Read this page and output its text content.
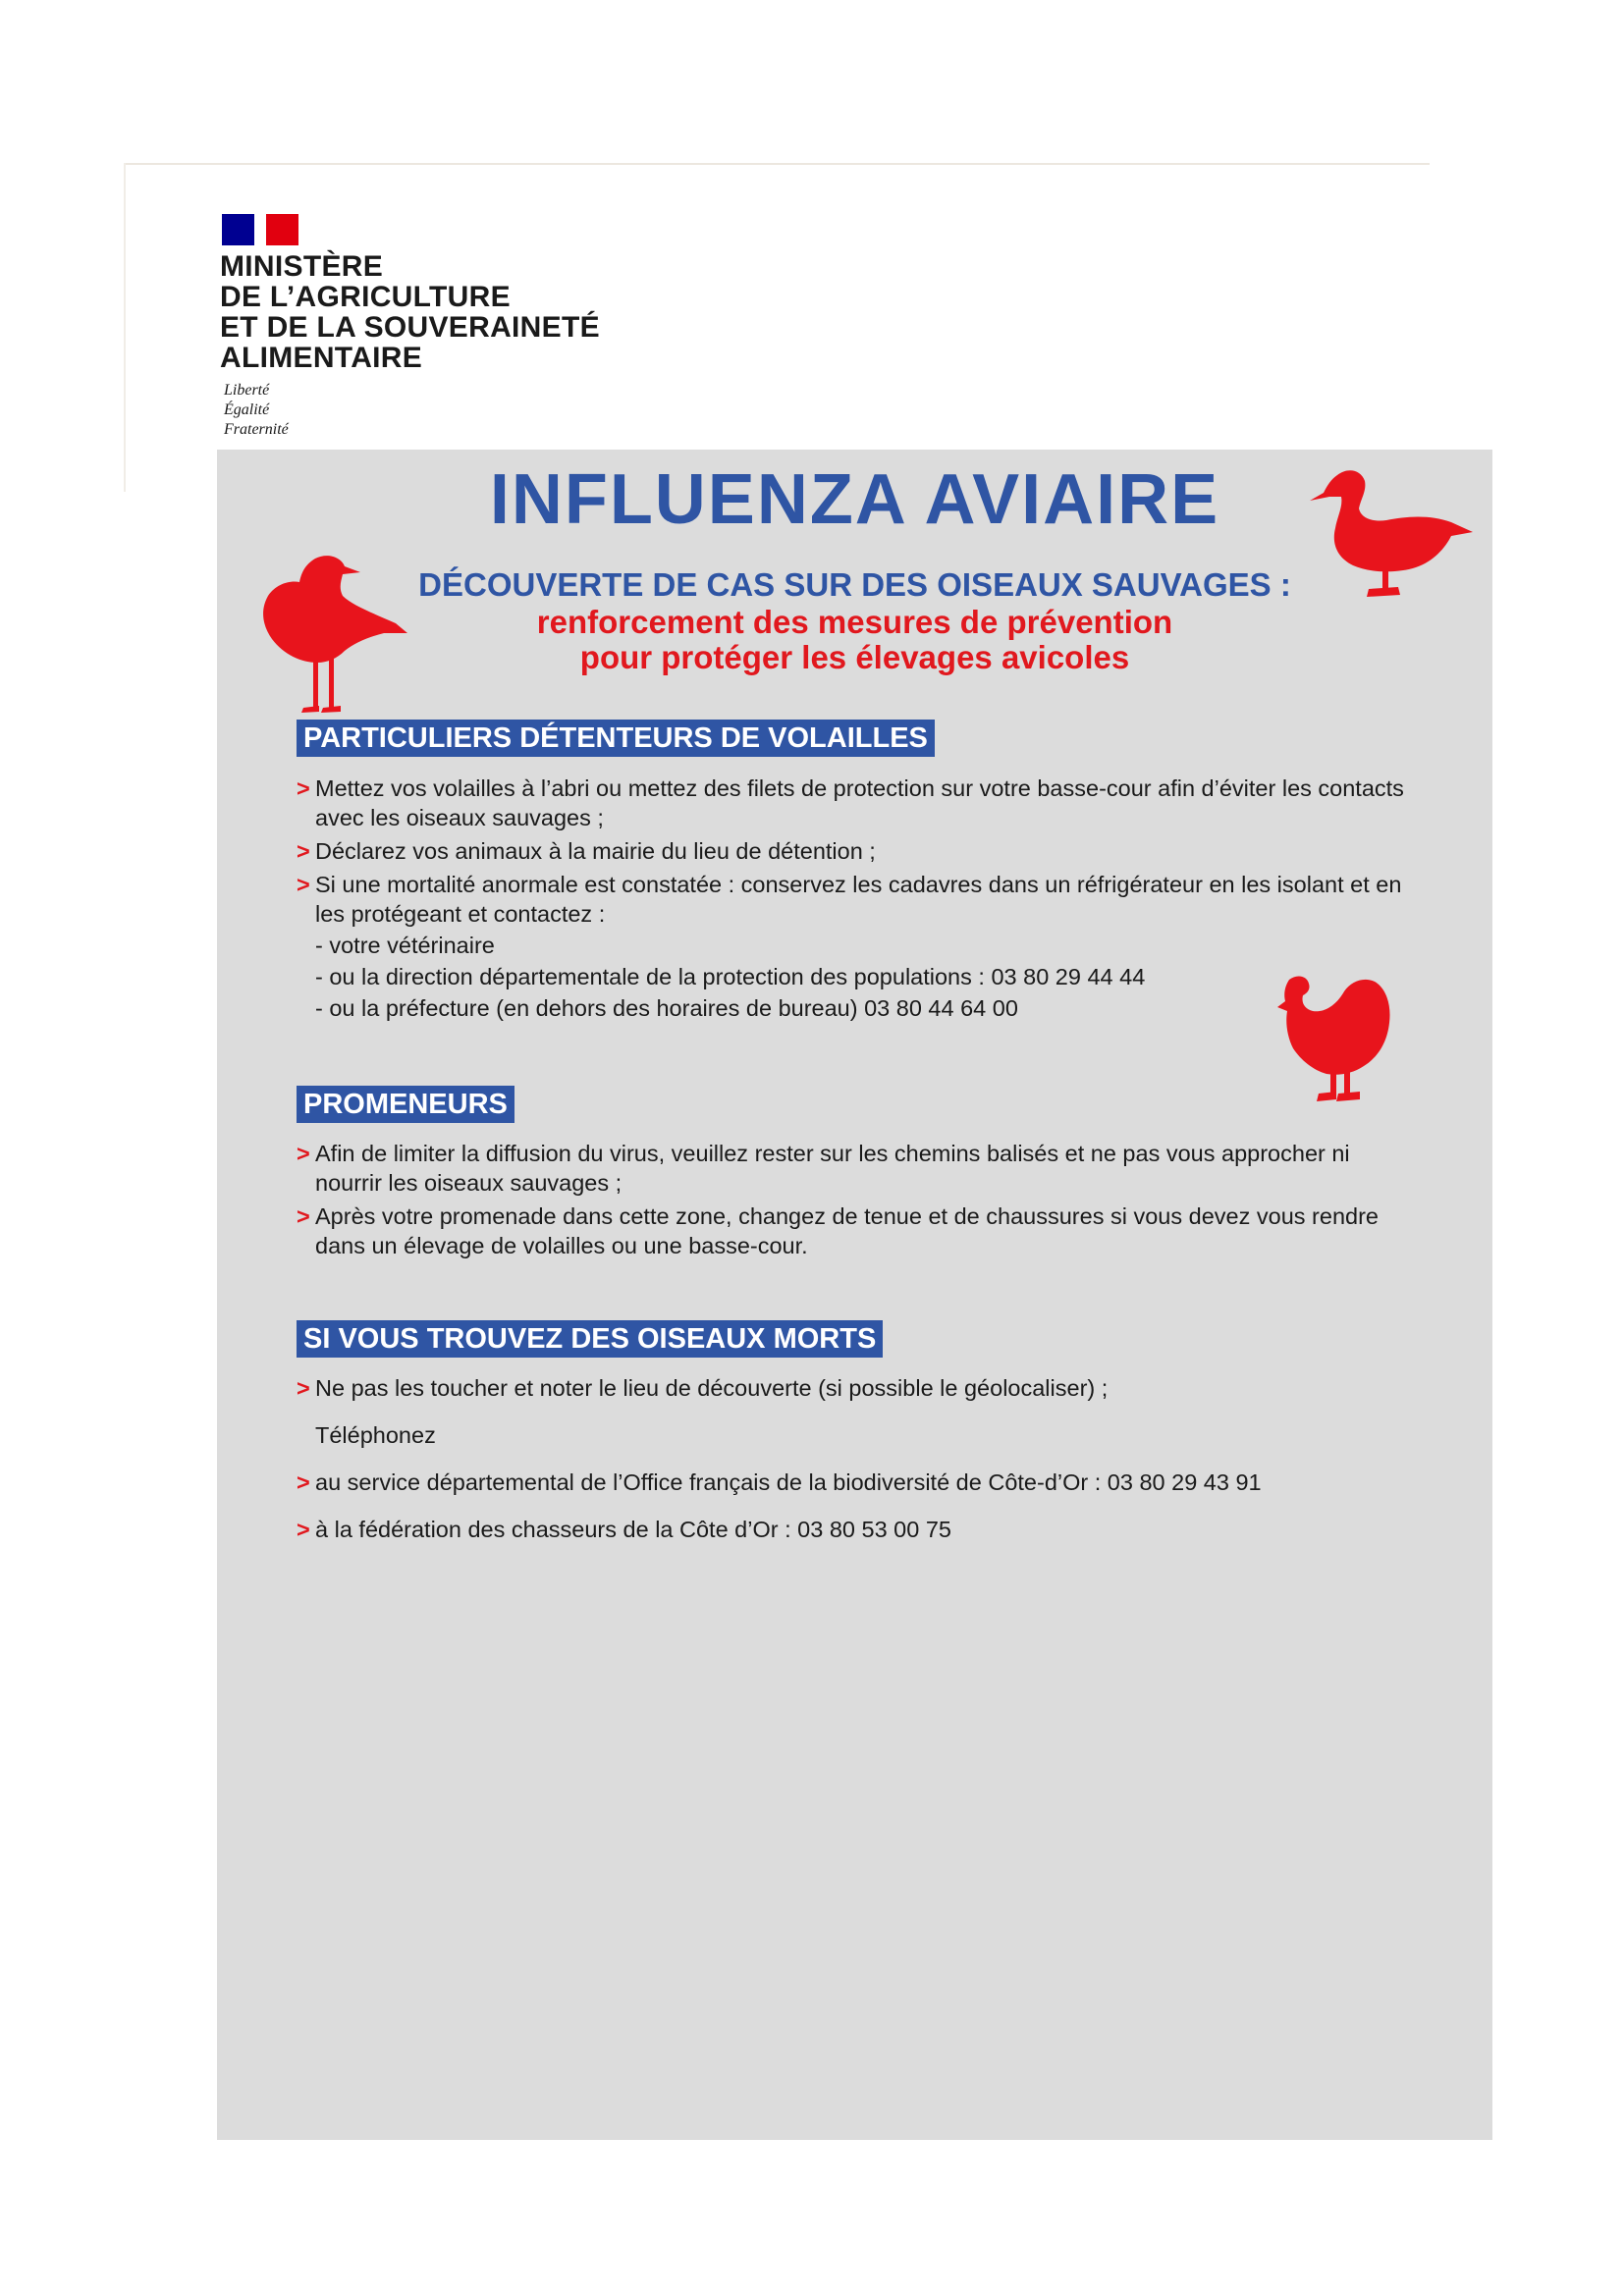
MINISTÈRE
DE L’AGRICULTURE
ET DE LA SOUVERAINETÉ
ALIMENTAIRE
Liberté
Égalité
Fraternité
INFLUENZA AVIAIRE
DÉCOUVERTE DE CAS SUR DES OISEAUX SAUVAGES :
renforcement des mesures de prévention
pour protéger les élevages avicoles
PARTICULIERS DÉTENTEURS DE VOLAILLES
> Mettez vos volailles à l’abri ou mettez des filets de protection sur votre basse-cour afin d’éviter les contacts avec les oiseaux sauvages ;
> Déclarez vos animaux à la mairie du lieu de détention ;
> Si une mortalité anormale est constatée : conservez les cadavres dans un réfrigérateur en les isolant et en les protégeant et contactez :
- votre vétérinaire
- ou la direction départementale de la protection des populations : 03 80 29 44 44
- ou la préfecture (en dehors des horaires de bureau) 03 80 44 64 00
PROMENEURS
> Afin de limiter la diffusion du virus, veuillez rester sur les chemins balisés et ne pas vous approcher ni nourrir les oiseaux sauvages ;
> Après votre promenade dans cette zone, changez de tenue et de chaussures si vous devez vous rendre dans un élevage de volailles ou une basse-cour.
SI VOUS TROUVEZ DES OISEAUX MORTS
> Ne pas les toucher et noter le lieu de découverte (si possible le géolocaliser) ;
Téléphonez
> au service départemental de l’Office français de la biodiversité de Côte-d’Or : 03 80 29 43 91
> à la fédération des chasseurs de la Côte d’Or : 03 80 53 00 75
